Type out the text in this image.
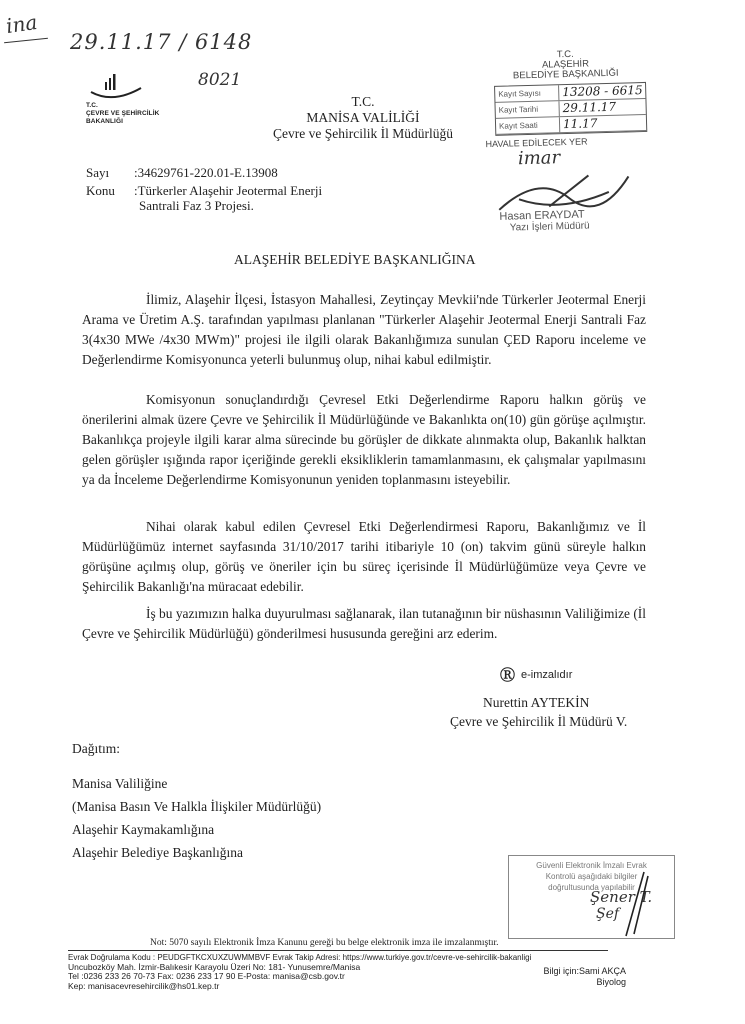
ina
29.11.17 / 6148
8021
T.C.
ÇEVRE VE ŞEHİRCİLİK
BAKANLIĞI
T.C.
MANİSA VALİLİĞİ
Çevre ve Şehircilik İl Müdürlüğü
T.C.
ALAŞEHİR
BELEDİYE BAŞKANLIĞI
Kayıt Sayısı	13208 - 6615
Kayıt Tarihi	29.11.17
Kayıt Saati	11.17
HAVALE EDİLECEK YER
imar
Hasan ERAYDAT
Yazı İşleri Müdürü
Sayı	:34629761-220.01-E.13908
Konu	:Türkerler Alaşehir Jeotermal Enerji
Santrali Faz 3 Projesi.
ALAŞEHİR BELEDİYE BAŞKANLIĞINA
İlimiz, Alaşehir İlçesi, İstasyon Mahallesi, Zeytinçay Mevkii'nde Türkerler Jeotermal Enerji Arama ve Üretim A.Ş. tarafından yapılması planlanan "Türkerler Alaşehir Jeotermal Enerji Santrali Faz 3(4x30 MWe /4x30 MWm)" projesi ile ilgili olarak Bakanlığımıza sunulan ÇED Raporu inceleme ve Değerlendirme Komisyonunca yeterli bulunmuş olup, nihai kabul edilmiştir.
Komisyonun sonuçlandırdığı Çevresel Etki Değerlendirme Raporu halkın görüş ve önerilerini almak üzere Çevre ve Şehircilik İl Müdürlüğünde ve Bakanlıkta on(10) gün görüşe açılmıştır. Bakanlıkça projeyle ilgili karar alma sürecinde bu görüşler de dikkate alınmakta olup, Bakanlık halktan gelen görüşler ışığında rapor içeriğinde gerekli eksikliklerin tamamlanmasını, ek çalışmalar yapılmasını ya da İnceleme Değerlendirme Komisyonunun yeniden toplanmasını isteyebilir.
Nihai olarak kabul edilen Çevresel Etki Değerlendirmesi Raporu, Bakanlığımız ve İl Müdürlüğümüz internet sayfasında 31/10/2017 tarihi itibariyle 10 (on) takvim günü süreyle halkın görüşüne açılmış olup, görüş ve öneriler için bu süreç içerisinde İl Müdürlüğümüze veya Çevre ve Şehircilik Bakanlığı'na müracaat edebilir.
İş bu yazımızın halka duyurulması sağlanarak, ilan tutanağının bir nüshasının Valiliğimize (İl Çevre ve Şehircilik Müdürlüğü) gönderilmesi hususunda gereğini arz ederim.
Ⓡ e-imzalıdır
Nurettin AYTEKİN
Çevre ve Şehircilik İl Müdürü V.
Dağıtım:
Manisa Valiliğine
(Manisa Basın Ve Halkla İlişkiler Müdürlüğü)
Alaşehir Kaymakamlığına
Alaşehir Belediye Başkanlığına
Güvenli Elektronik İmzalı Evrak
Kontrolü aşağıdaki bilgiler
doğrultusunda yapılabilir
Şener T.
Şef
Not: 5070 sayılı Elektronik İmza Kanunu gereği bu belge elektronik imza ile imzalanmıştır.
Evrak Doğrulama Kodu : PEUDGFTKCXUXZUWMMBVF Evrak Takip Adresi: https://www.turkiye.gov.tr/cevre-ve-sehircilik-bakanligi
Uncubozköy Mah. İzmir-Balıkesir Karayolu Üzeri No: 181- Yunusemre/Manisa
Tel :0236 233 26 70-73 Fax: 0236 233 17 90 E-Posta: manisa@csb.gov.tr
Kep: manisacevresehircilik@hs01.kep.tr
Bilgi için:Sami AKÇA
Biyolog
